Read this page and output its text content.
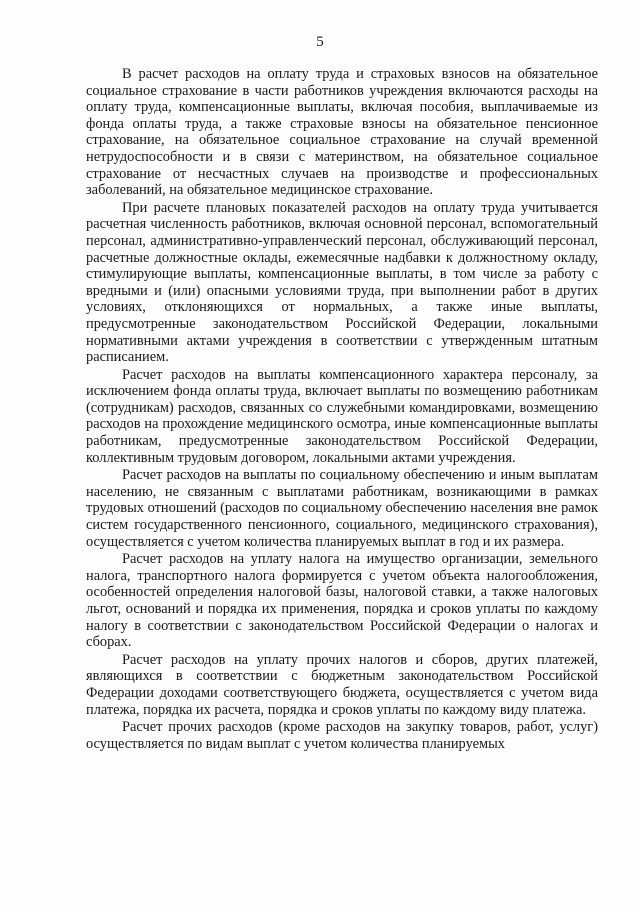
5

В расчет расходов на оплату труда и страховых взносов на обязательное социальное страхование в части работников учреждения включаются расходы на оплату труда, компенсационные выплаты, включая пособия, выплачиваемые из фонда оплаты труда, а также страховые взносы на обязательное пенсионное страхование, на обязательное социальное страхование на случай временной нетрудоспособности и в связи с материнством, на обязательное социальное страхование от несчастных случаев на производстве и профессиональных заболеваний, на обязательное медицинское страхование.

При расчете плановых показателей расходов на оплату труда учитывается расчетная численность работников, включая основной персонал, вспомогательный персонал, административно-управленческий персонал, обслуживающий персонал, расчетные должностные оклады, ежемесячные надбавки к должностному окладу, стимулирующие выплаты, компенсационные выплаты, в том числе за работу с вредными и (или) опасными условиями труда, при выполнении работ в других условиях, отклоняющихся от нормальных, а также иные выплаты, предусмотренные законодательством Российской Федерации, локальными нормативными актами учреждения в соответствии с утвержденным штатным расписанием.

Расчет расходов на выплаты компенсационного характера персоналу, за исключением фонда оплаты труда, включает выплаты по возмещению работникам (сотрудникам) расходов, связанных со служебными командировками, возмещению расходов на прохождение медицинского осмотра, иные компенсационные выплаты работникам, предусмотренные законодательством Российской Федерации, коллективным трудовым договором, локальными актами учреждения.

Расчет расходов на выплаты по социальному обеспечению и иным выплатам населению, не связанным с выплатами работникам, возникающими в рамках трудовых отношений (расходов по социальному обеспечению населения вне рамок систем государственного пенсионного, социального, медицинского страхования), осуществляется с учетом количества планируемых выплат в год и их размера.

Расчет расходов на уплату налога на имущество организации, земельного налога, транспортного налога формируется с учетом объекта налогообложения, особенностей определения налоговой базы, налоговой ставки, а также налоговых льгот, оснований и порядка их применения, порядка и сроков уплаты по каждому налогу в соответствии с законодательством Российской Федерации о налогах и сборах.

Расчет расходов на уплату прочих налогов и сборов, других платежей, являющихся в соответствии с бюджетным законодательством Российской Федерации доходами соответствующего бюджета, осуществляется с учетом вида платежа, порядка их расчета, порядка и сроков уплаты по каждому виду платежа.

Расчет прочих расходов (кроме расходов на закупку товаров, работ, услуг) осуществляется по видам выплат с учетом количества планируемых
